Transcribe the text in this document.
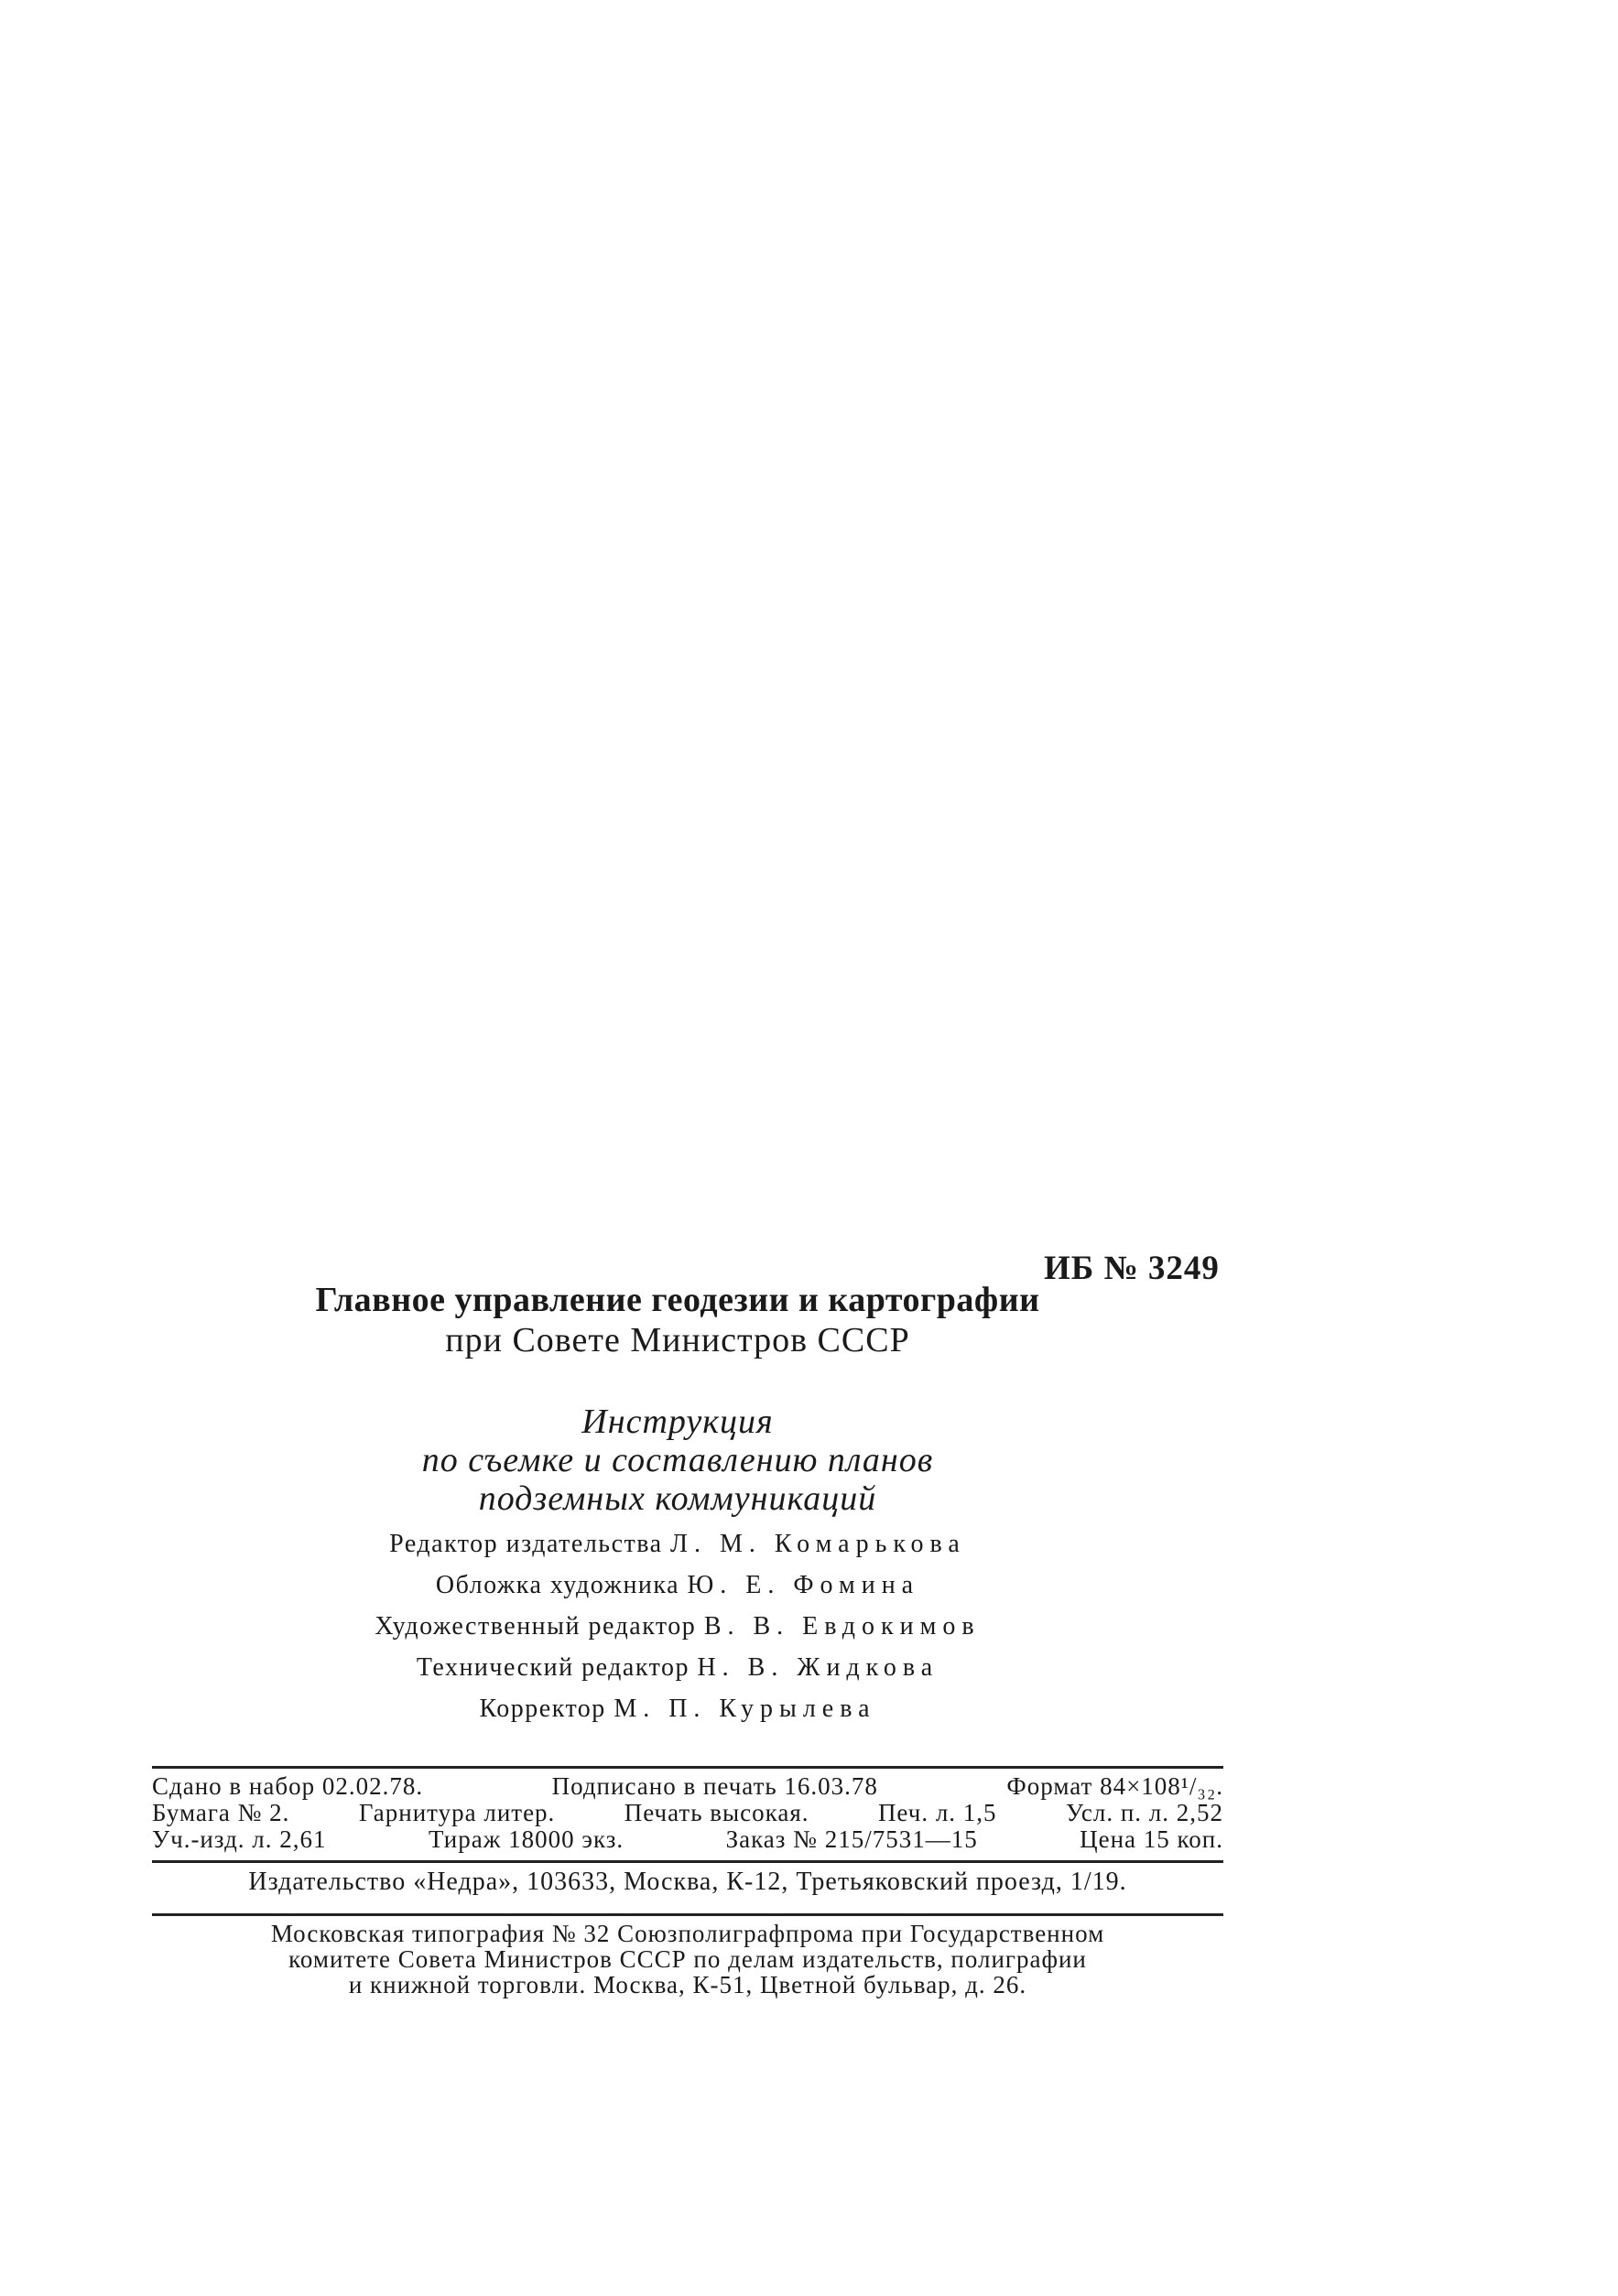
ИБ № 3249
Главное управление геодезии и картографии
при Совете Министров СССР
Инструкция
по съемке и составлению планов
подземных коммуникаций
Редактор издательства Л. М. Комарькова
Обложка художника Ю. Е. Фомина
Художественный редактор В. В. Евдокимов
Технический редактор Н. В. Жидкова
Корректор М. П. Курылева
Сдано в набор 02.02.78.	Подписано в печать 16.03.78	Формат 84×108¹/₃₂.
Бумага № 2.	Гарнитура литер.	Печать высокая.	Печ. л. 1,5	Усл. п. л. 2,52
Уч.-изд. л. 2,61	Тираж 18000 экз.	Заказ № 215/7531—15	Цена 15 коп.
Издательство «Недра», 103633, Москва, К-12, Третьяковский проезд, 1/19.
Московская типография № 32 Союзполиграфпрома при Государственном
комитете Совета Министров СССР по делам издательств, полиграфии
и книжной торговли. Москва, К-51, Цветной бульвар, д. 26.
